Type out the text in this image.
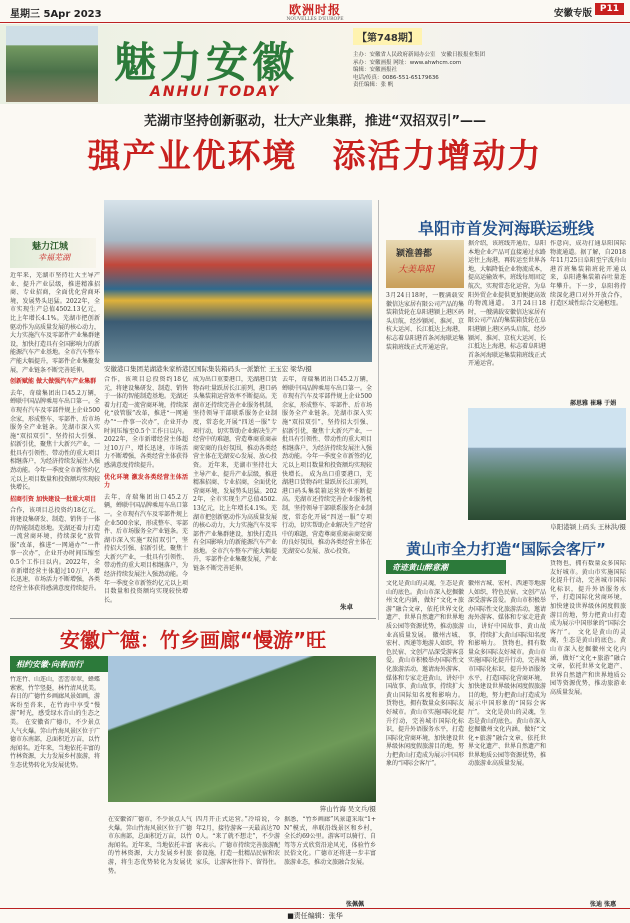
星期三 5Apr 2023	欧洲时报
NOUVELLES D'EUROPE
安徽专版 P11
魅力安徽
ANHUI TODAY
【第748期】
主办：安徽省人民政府新闻办公室　安徽日报报业集团
承办：安徽画报 网址：www.ahwhcm.com
编辑：安徽画报社
电话/传真：0086-551-65179636
责任编辑：张 帆
芜湖市坚持创新驱动，壮大产业集群，推进“双招双引”——
强产业优环境　添活力增动力
魅力江城
幸福芜湖
近年来，芜湖市坚持壮大主导产业、提升产业层级，推进精准招商、专业招商，全面优化营商环境，发展势头迅猛。2022年，全市实现生产总值4502.13亿元，比上年增长4.1%。芜湖市把创新驱动作为高质量发展的核心动力，大力实施汽车及零部件产业集群建设，加快打造具有全国影响力的新能源汽车产业基地。全市汽车整车产能大幅提升，零部件企业集聚发展，产业链条不断完善延伸。
创新赋能 做大做强汽车产业集群
去年，奇瑞集团出口45.2万辆，蝉联中国品牌乘用车出口第一。全市现有汽车及零部件规上企业500余家，形成整车、零部件、后市场服务全产业链条。芜湖市深入实施“双招双引”，坚持招大引强、招新引优，聚焦十大新兴产业，一批具有引领性、带动性的重大项目相继落户，为经济持续发展注入强劲动能。今年一季度全市新签约亿元以上项目数量和投资额均实现较快增长。
招商引资 加快建设一批重大项目
合作，该项目总投资约18亿元，将建设集研发、制造、销售于一体的智能制造基地。芜湖还着力打造一流营商环境，持续深化“放管服”改革，推进“一网通办”“一件事一次办”，企业开办时间压缩至0.5个工作日以内。2022年，全市新增经营主体超过10万户，增长迅速，市场活力不断增强，各类经营主体获得感满意度持续提升。
安徽港口集团芜湖港朱家桥港区国际集装箱码头一派繁忙 王玉宏 梁华/摄
合作，该项目总投资约18亿元，将建设集研发、制造、销售于一体的智能制造基地。芜湖还着力打造一流营商环境，持续深化“放管服”改革，推进“一网通办”“一件事一次办”，企业开办时间压缩至0.5个工作日以内。2022年，全市新增经营主体超过10万户，增长迅速，市场活力不断增强，各类经营主体获得感满意度持续提升。
优化环境 激发各类经营主体活力
去年，奇瑞集团出口45.2万辆，蝉联中国品牌乘用车出口第一。全市现有汽车及零部件规上企业500余家，形成整车、零部件、后市场服务全产业链条。芜湖市深入实施“双招双引”，坚持招大引强、招新引优，聚焦十大新兴产业，一批具有引领性、带动性的重大项目相继落户，为经济持续发展注入强劲动能。今年一季度全市新签约亿元以上项目数量和投资额均实现较快增长。
成为出口重要港口，芜湖港口货物吞吐量跃居长江前列，港口码头集装箱运营效率不断提高。芜湖市还持续完善企业服务机制，坚持领导干部联系服务企业制度，常态化开展“四送一服”专项行动，切实帮助企业解决生产经营中的难题，营造尊商重商亲商安商的良好氛围，推动各类经营主体在芜湖安心发展、放心投资。 近年来，芜湖市坚持壮大主导产业、提升产业层级，推进精准招商、专业招商，全面优化营商环境，发展势头迅猛。2022年，全市实现生产总值4502.13亿元，比上年增长4.1%。芜湖市把创新驱动作为高质量发展的核心动力，大力实施汽车及零部件产业集群建设，加快打造具有全国影响力的新能源汽车产业基地。全市汽车整车产能大幅提升，零部件企业集聚发展，产业链条不断完善延伸。
去年，奇瑞集团出口45.2万辆，蝉联中国品牌乘用车出口第一。全市现有汽车及零部件规上企业500余家，形成整车、零部件、后市场服务全产业链条。芜湖市深入实施“双招双引”，坚持招大引强、招新引优，聚焦十大新兴产业，一批具有引领性、带动性的重大项目相继落户，为经济持续发展注入强劲动能。今年一季度全市新签约亿元以上项目数量和投资额均实现较快增长。 成为出口重要港口，芜湖港口货物吞吐量跃居长江前列，港口码头集装箱运营效率不断提高。芜湖市还持续完善企业服务机制，坚持领导干部联系服务企业制度，常态化开展“四送一服”专项行动，切实帮助企业解决生产经营中的难题，营造尊商重商亲商安商的良好氛围，推动各类经营主体在芜湖安心发展、放心投资。
朱卓
阜阳市首发河海联运班线
颍淮善都
大美阜阳
3月24日18时，一艘满载安徽信达家居有限公司产品的集装箱货轮在阜阳港颍上港区码头启航，经沙颍河、淮河、京杭大运河、长江抵达上海港，标志着阜阳港首条河海联运集装箱班线正式开通运营。
据介绍，该班线开通后，阜阳本地企业产品可直接通过水路运往上海港，再转运至世界各地，大幅降低企业物流成本，提高运输效率。班线每周固定航次，实现常态化运营，为阜阳外贸企业提供更加便捷高效的物流通道。 3月24日18时，一艘满载安徽信达家居有限公司产品的集装箱货轮在阜阳港颍上港区码头启航，经沙颍河、淮河、京杭大运河、长江抵达上海港，标志着阜阳港首条河海联运集装箱班线正式开通运营。
作意向，成功打通阜阳国际物流通道。据了解，自2018年11月25日阜阳至宁波舟山港首班集装箱班轮开通以来，阜阳港集装箱吞吐量连年攀升。下一步，阜阳将持续深化港口对外开放合作，打造区域性综合交通枢纽。
郝思雅 崔琳 于娟
阜阳港颍上码头 王林洪/摄
黄山市全力打造“国际会客厅”
奇迹黄山醉意潮
文化是黄山的灵魂，生态是黄山的底色。黄山市深入挖掘徽州文化内涵，做好“文化+旅游”融合文章，依托世界文化遗产、世界自然遗产和世界地质公园等资源优势，推动旅游业高质量发展。 徽州古城、宏村、西递等地游人如织，特色民宿、文创产品深受游客喜爱。黄山市积极举办国际性文化旅游活动，邀请海外游客、媒体和专家走进黄山，讲好中国故事、黄山故事，持续扩大黄山国际知名度和影响力。 貨物也，拥有数量众多国际友好城市。黄山市实施国际化提升行动，完善城市国际化标识，提升外语服务水平，打造国际化营商环境，加快建设世界级休闲度假旅游目的地，努力把黄山打造成为展示中国形象的“国际会客厅”。
徽州古城、宏村、西递等地游人如织，特色民宿、文创产品深受游客喜爱。黄山市积极举办国际性文化旅游活动，邀请海外游客、媒体和专家走进黄山，讲好中国故事、黄山故事，持续扩大黄山国际知名度和影响力。 貨物也，拥有数量众多国际友好城市。黄山市实施国际化提升行动，完善城市国际化标识，提升外语服务水平，打造国际化营商环境，加快建设世界级休闲度假旅游目的地，努力把黄山打造成为展示中国形象的“国际会客厅”。 文化是黄山的灵魂，生态是黄山的底色。黄山市深入挖掘徽州文化内涵，做好“文化+旅游”融合文章，依托世界文化遗产、世界自然遗产和世界地质公园等资源优势，推动旅游业高质量发展。
貨物也，拥有数量众多国际友好城市。黄山市实施国际化提升行动，完善城市国际化标识，提升外语服务水平，打造国际化营商环境，加快建设世界级休闲度假旅游目的地，努力把黄山打造成为展示中国形象的“国际会客厅”。 文化是黄山的灵魂，生态是黄山的底色。黄山市深入挖掘徽州文化内涵，做好“文化+旅游”融合文章，依托世界文化遗产、世界自然遗产和世界地质公园等资源优势，推动旅游业高质量发展。
张迪 张惠
安徽广德：竹乡画廊“慢游”旺
相约安徽·向春而行
竹连竹、山连山，峦峦翠翠，蜂蝶萦萦，竹竿竖挺，林竹清风优美。春日的广德竹乡画廊风景如画，游客纷至沓来，在竹海中享受“慢游”时光，感受绿水青山的生态之美。 在安徽省广德市，不少景点人气火爆。笄山竹海风景区位于广德市东南部，总面积近万亩，以竹海闻名。近年来，当地依托丰富的竹林资源，大力发展乡村旅游，将生态优势转化为发展优势。
笄山竹海 吴文兵/摄
在安徽省广德市，不少景点人气火爆。笄山竹海风景区位于广德市东南部，总面积近万亩，以竹海闻名。近年来，当地依托丰富的竹林资源，大力发展乡村旅游，将生态优势转化为发展优势。
四月开正式运营。”冷培说，今年2月，接待游客一天最高达700人。“来了就不想走”，不少游客表示。广德市持续完善旅游配套设施，打造一批精品民宿和农家乐，让游客住得下、留得住。
据悉，“竹乡画廊”风景道采取“1+N”模式，串联沿线景区和乡村，全长约69公里。游客可以骑行、自驾等方式欣赏沿途风光，体验竹乡民俗文化。广德市还将进一步丰富旅游业态，推动文旅融合发展。
张佩佩
■责任编辑：张华
